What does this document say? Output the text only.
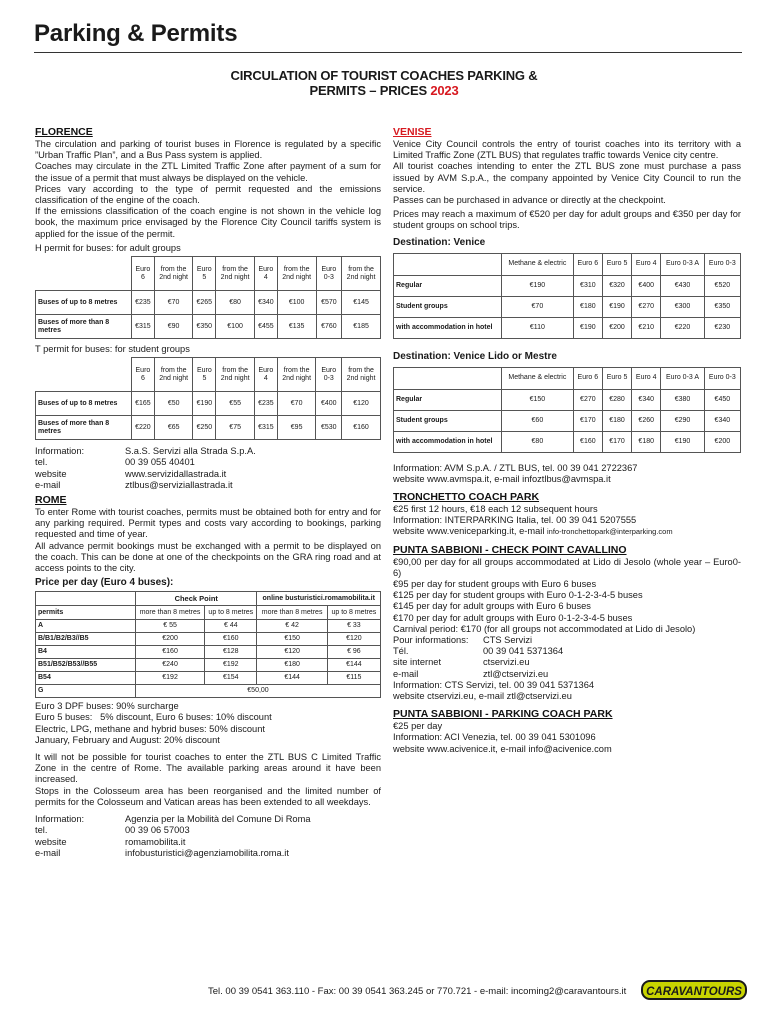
Parking & Permits
CIRCULATION OF TOURIST COACHES PARKING &
PERMITS – PRICES 2023
FLORENCE
The circulation and parking of tourist buses in Florence is regulated by a specific ”Urban Traffic Plan”, and a Bus Pass system is applied.
Coaches may circulate in the ZTL Limited Traffic Zone after payment of a sum for the issue of a permit that must always be displayed on the vehicle.
Prices vary according to the type of permit requested and the emissions classification of the engine of the coach.
If the emissions classification of the coach engine is not shown in the vehicle log book, the maximum price envisaged by the Florence City Council tariffs system is applied for the issue of the permit.
H permit for buses: for adult groups
	Euro 6	from the 2nd night	Euro 5	from the 2nd night	Euro 4	from the 2nd night	Euro 0-3	from the 2nd night
Buses of up to 8 metres	€235	€70	€265	€80	€340	€100	€570	€145
Buses of more than 8 metres	€315	€90	€350	€100	€455	€135	€760	€185
T permit for buses: for student groups
	Euro 6	from the 2nd night	Euro 5	from the 2nd night	Euro 4	from the 2nd night	Euro 0-3	from the 2nd night
Buses of up to 8 metres	€165	€50	€190	€55	€235	€70	€400	€120
Buses of more than 8 metres	€220	€65	€250	€75	€315	€95	€530	€160
Information:	S.a.S. Servizi alla Strada S.p.A.
tel.	00 39 055 40401
website	www.servizidallastrada.it
e-mail	ztlbus@serviziallastrada.it
ROME
To enter Rome with tourist coaches, permits must be obtained both for entry and for any parking required. Permit types and costs vary according to bookings, parking requested and time of year.
All advance permit bookings must be exchanged with a permit to be displayed on the coach. This can be done at one of the checkpoints on the GRA ring road and at access points to the city.
Price per day (Euro 4 buses):
	Check Point		online busturistici.romamobilita.it	
permits	more than 8 metres	up to 8 metres	more than 8 metres	up to 8 metres
A	€ 55	€ 44	€ 42	€ 33
B/B1/B2/B3//B5	€200	€160	€150	€120
B4	€160	€128	€120	€ 96
B51/B52/B53//B55	€240	€192	€180	€144
B54	€192	€154	€144	€115
G	€50,00			
Euro 3 DPF buses: 90% surcharge
Euro 5 buses:   5% discount, Euro 6 buses: 10% discount
Electric, LPG, methane and hybrid buses: 50% discount
January, February and August: 20% discount
It will not be possible for tourist coaches to enter the ZTL BUS C Limited Traffic Zone in the centre of Rome. The available parking areas around it have been increased.
Stops in the Colosseum area has been reorganised and the limited number of permits for the Colosseum and Vatican areas has been extended to all weekdays.
Information:	Agenzia per la Mobilità del Comune Di Roma
tel.	00 39 06 57003
website	romamobilita.it
e-mail	infobusturistici@agenziamobilita.roma.it
VENISE
Venice City Council controls the entry of tourist coaches into its territory with a Limited Traffic Zone (ZTL BUS) that regulates traffic towards Venice city centre.
All tourist coaches intending to enter the ZTL BUS zone must purchase a pass issued by AVM S.p.A., the company appointed by Venice City Council to run the service.
Passes can be purchased in advance or directly at the checkpoint.
Prices may reach a maximum of €520 per day for adult groups and €350 per day for student groups on school trips.
Destination: Venice
	Methane & electric	Euro 6	Euro 5	Euro 4	Euro 0-3 A	Euro 0-3
Regular	€190	€310	€320	€400	€430	€520
Student groups	€70	€180	€190	€270	€300	€350
with accommodation in hotel	€110	€190	€200	€210	€220	€230
Destination: Venice Lido or Mestre
	Methane & electric	Euro 6	Euro 5	Euro 4	Euro 0-3 A	Euro 0-3
Regular	€150	€270	€280	€340	€380	€450
Student groups	€60	€170	€180	€260	€290	€340
with accommodation in hotel	€80	€160	€170	€180	€190	€200
Information: AVM S.p.A. / ZTL BUS, tel. 00 39 041 2722367
website www.avmspa.it, e-mail infoztlbus@avmspa.it
TRONCHETTO COACH PARK
€25 first 12 hours, €18 each 12 subsequent hours
Information: INTERPARKING Italia, tel. 00 39 041 5207555
website www.veniceparking.it, e-mail info-tronchettopark@interparking.com
PUNTA SABBIONI - CHECK POINT CAVALLINO
€90,00 per day for all groups accommodated at Lido di Jesolo (whole year – Euro0-6)
€95 per day for student groups with Euro 6 buses
€125 per day for student groups with Euro 0-1-2-3-4-5 buses
€145 per day for adult groups with Euro 6 buses
€170 per day for adult groups with Euro 0-1-2-3-4-5 buses
Carnival period: €170 (for all groups not accommodated at Lido di Jesolo)
Pour informations:	CTS Servizi
Tél.	00 39 041 5371364
site internet	ctservizi.eu
e-mail	ztl@ctservizi.eu
Information: CTS Servizi, tel. 00 39 041 5371364
website ctservizi.eu, e-mail ztl@ctservizi.eu
PUNTA SABBIONI - PARKING COACH PARK
€25 per day
Information: ACI Venezia, tel. 00 39 041 5301096
website www.acivenice.it, e-mail info@acivenice.com
Tel. 00 39 0541 363.110 - Fax: 00 39 0541 363.245 or 770.721 - e-mail: incoming2@caravantours.it CARAVANTOURS
